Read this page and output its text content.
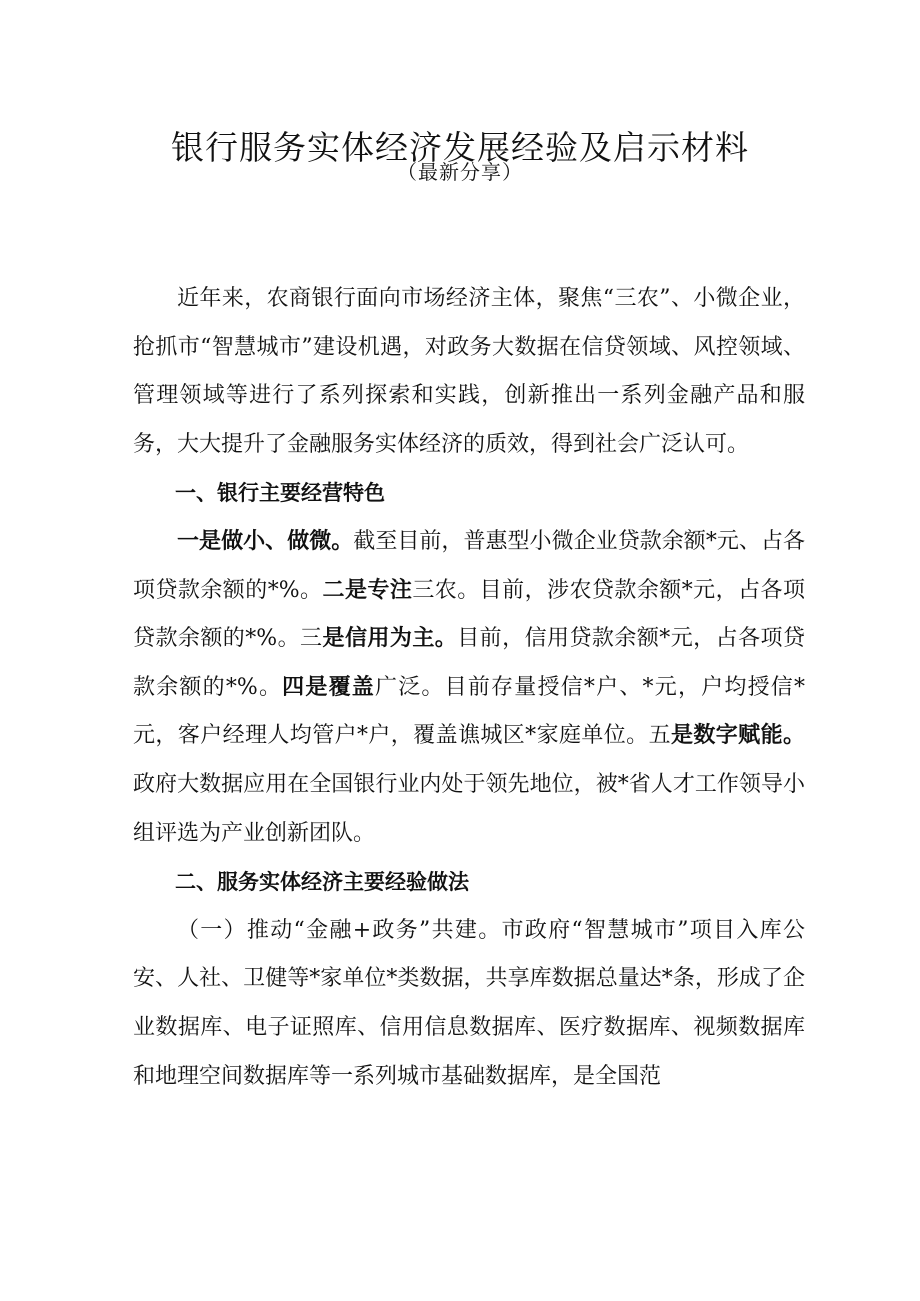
银行服务实体经济发展经验及启示材料
（最新分享）

近年来，农商银行面向市场经济主体，聚焦“三农”、小微企业，抢抓市“智慧城市”建设机遇，对政务大数据在信贷领域、风控领域、管理领域等进行了系列探索和实践，创新推出一系列金融产品和服务，大大提升了金融服务实体经济的质效，得到社会广泛认可。

一、银行主要经营特色

一是做小、做微。截至目前，普惠型小微企业贷款余额*元、占各项贷款余额的*%。二是专注三农。目前，涉农贷款余额*元，占各项贷款余额的*%。三是信用为主。目前，信用贷款余额*元，占各项贷款余额的*%。四是覆盖广泛。目前存量授信*户、*元，户均授信*元，客户经理人均管户*户，覆盖谯城区*家庭单位。五是数字赋能。政府大数据应用在全国银行业内处于领先地位，被*省人才工作领导小组评选为产业创新团队。

二、服务实体经济主要经验做法

（一）推动“金融+政务”共建。市政府“智慧城市”项目入库公安、人社、卫健等*家单位*类数据，共享库数据总量达*条，形成了企业数据库、电子证照库、信用信息数据库、医疗数据库、视频数据库和地理空间数据库等一系列城市基础数据库，是全国范
